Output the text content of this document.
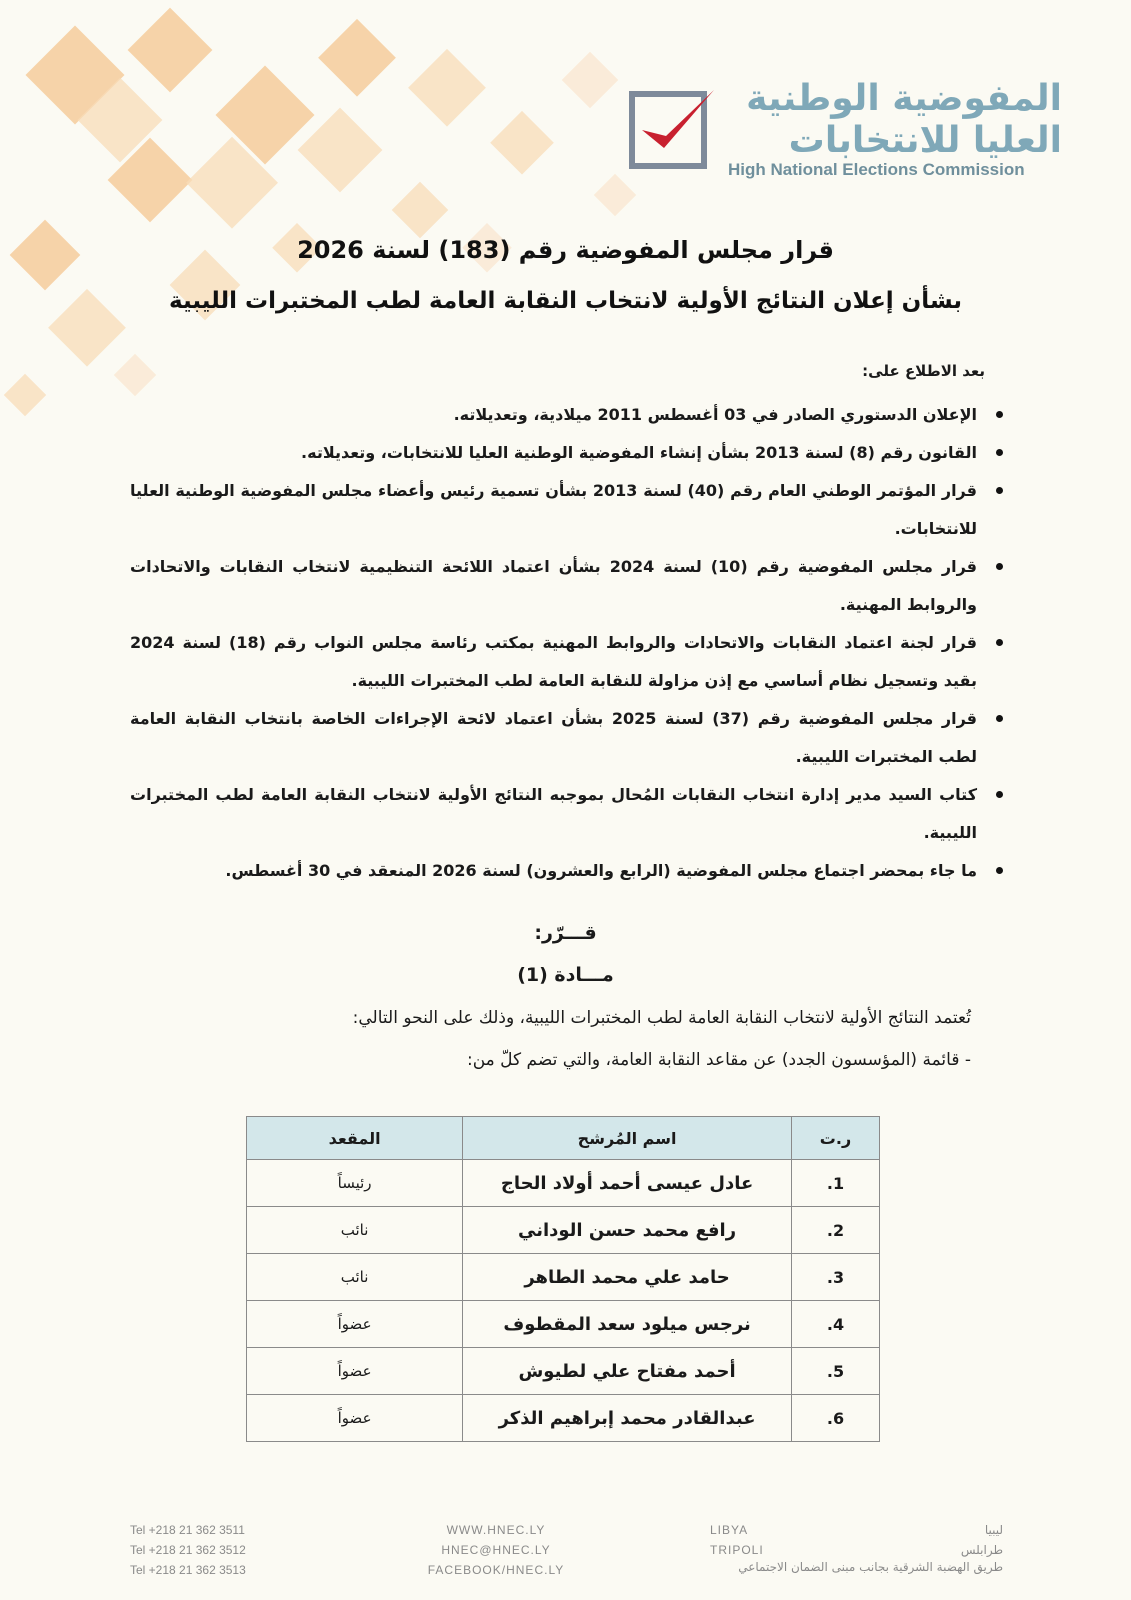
المفوضية الوطنية
العليا للانتخابات
High National Elections Commission
قرار مجلس المفوضية رقم (183) لسنة 2026
بشأن إعلان النتائج الأولية لانتخاب النقابة العامة لطب المختبرات الليبية
بعد الاطلاع على:
الإعلان الدستوري الصادر في 03 أغسطس 2011 ميلادية، وتعديلاته.
القانون رقم (8) لسنة 2013 بشأن إنشاء المفوضية الوطنية العليا للانتخابات، وتعديلاته.
قرار المؤتمر الوطني العام رقم (40) لسنة 2013 بشأن تسمية رئيس وأعضاء مجلس المفوضية الوطنية العليا للانتخابات.
قرار مجلس المفوضية رقم (10) لسنة 2024 بشأن اعتماد اللائحة التنظيمية لانتخاب النقابات والاتحادات والروابط المهنية.
قرار لجنة اعتماد النقابات والاتحادات والروابط المهنية بمكتب رئاسة مجلس النواب رقم (18) لسنة 2024 بقيد وتسجيل نظام أساسي مع إذن مزاولة للنقابة العامة لطب المختبرات الليبية.
قرار مجلس المفوضية رقم (37) لسنة 2025 بشأن اعتماد لائحة الإجراءات الخاصة بانتخاب النقابة العامة لطب المختبرات الليبية.
كتاب السيد مدير إدارة انتخاب النقابات المُحال بموجبه النتائج الأولية لانتخاب النقابة العامة لطب المختبرات الليبية.
ما جاء بمحضر اجتماع مجلس المفوضية (الرابع والعشرون) لسنة 2026 المنعقد في 30 أغسطس.
قـــرّر:
مـــادة (1)
تُعتمد النتائج الأولية لانتخاب النقابة العامة لطب المختبرات الليبية، وذلك على النحو التالي:
- قائمة (المؤسسون الجدد) عن مقاعد النقابة العامة، والتي تضم كلّ من:
ر.ت	اسم المُرشح	المقعد
1.	عادل عيسى أحمد أولاد الحاج	رئيساً
2.	رافع محمد حسن الوداني	نائب
3.	حامد علي محمد الطاهر	نائب
4.	نرجس ميلود سعد المقطوف	عضواً
5.	أحمد مفتاح علي لطيوش	عضواً
6.	عبدالقادر محمد إبراهيم الذكر	عضواً
Tel +218 21 362 3511
Tel +218 21 362 3512
Tel +218 21 362 3513
WWW.HNEC.LY
HNEC@HNEC.LY
FACEBOOK/HNEC.LY
LIBYA
TRIPOLI
ليبيا
طرابلس
طريق الهضبة الشرقية بجانب مبنى الضمان الاجتماعي
